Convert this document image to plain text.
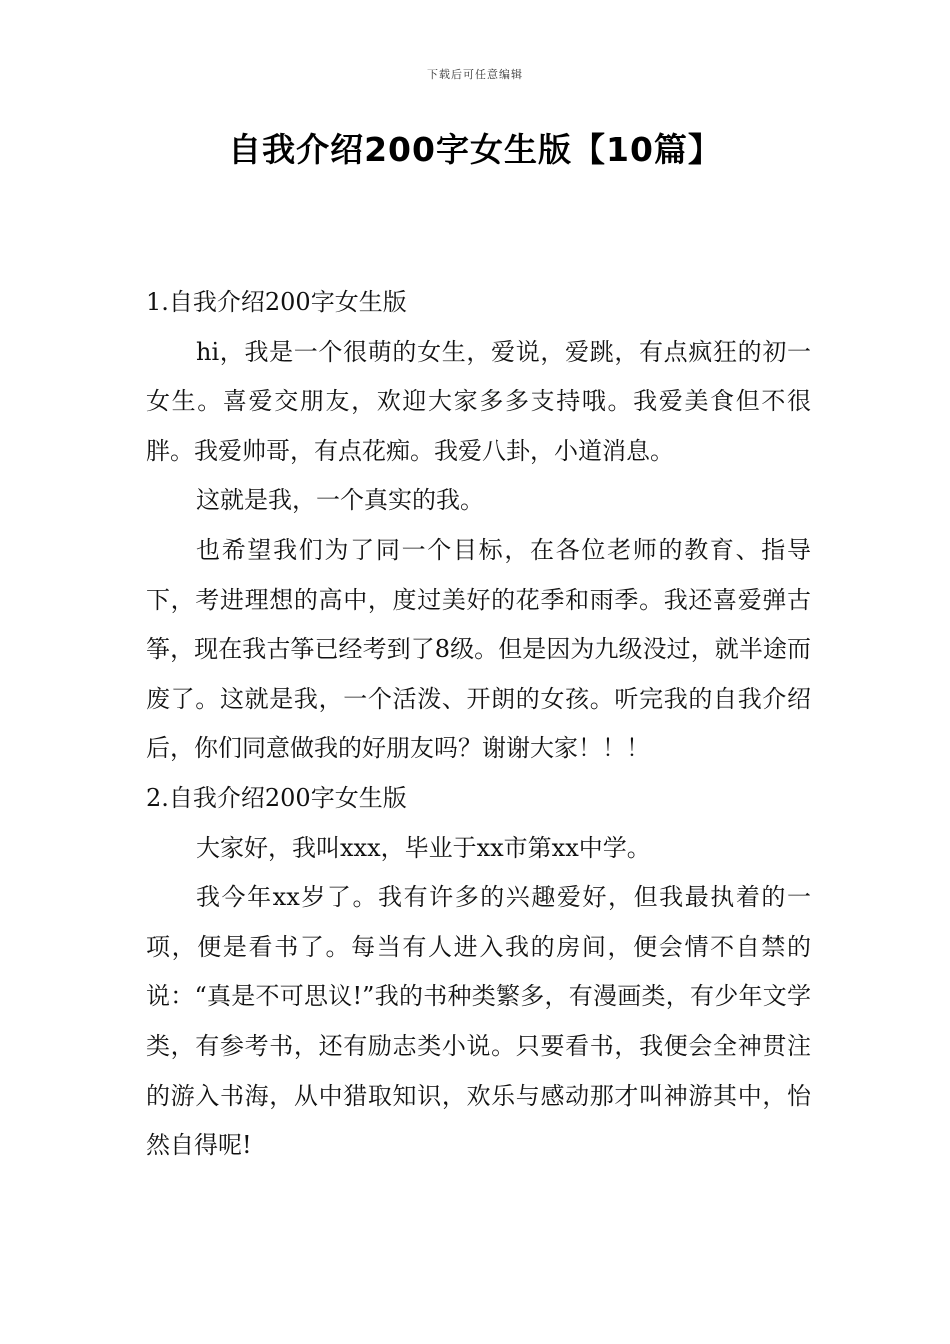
下载后可任意编辑
自我介绍200字女生版【10篇】

1.自我介绍200字女生版

hi，我是一个很萌的女生，爱说，爱跳，有点疯狂的初一女生。喜爱交朋友，欢迎大家多多支持哦。我爱美食但不很胖。我爱帅哥，有点花痴。我爱八卦，小道消息。

这就是我，一个真实的我。

也希望我们为了同一个目标，在各位老师的教育、指导下，考进理想的高中，度过美好的花季和雨季。我还喜爱弹古筝，现在我古筝已经考到了8级。但是因为九级没过，就半途而废了。这就是我，一个活泼、开朗的女孩。听完我的自我介绍后，你们同意做我的好朋友吗？谢谢大家！！！

2.自我介绍200字女生版

大家好，我叫xxx，毕业于xx市第xx中学。

我今年xx岁了。我有许多的兴趣爱好，但我最执着的一项，便是看书了。每当有人进入我的房间，便会情不自禁的说：“真是不可思议!”我的书种类繁多，有漫画类，有少年文学类，有参考书，还有励志类小说。只要看书，我便会全神贯注的游入书海，从中猎取知识，欢乐与感动那才叫神游其中，怡然自得呢!
